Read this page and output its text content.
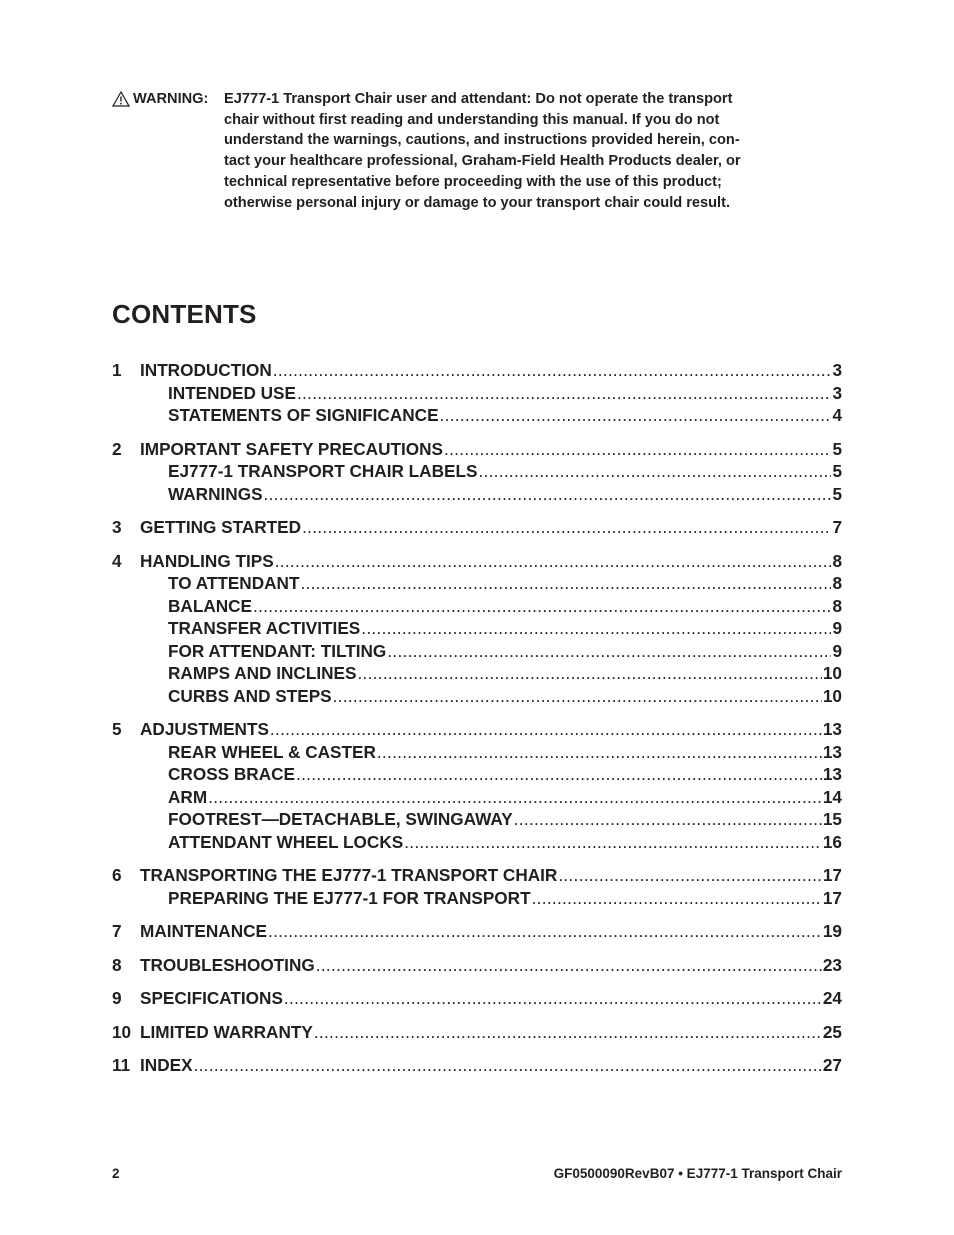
WARNING: EJ777-1 Transport Chair user and attendant: Do not operate the transport
chair without first reading and understanding this manual. If you do not
understand the warnings, cautions, and instructions provided herein, con-
tact your healthcare professional, Graham-Field Health Products dealer, or
technical representative before proceeding with the use of this product;
otherwise personal injury or damage to your transport chair could result.
CONTENTS
1	INTRODUCTION .....	3
INTENDED USE .....	3
STATEMENTS OF SIGNIFICANCE .....	4
2	IMPORTANT SAFETY PRECAUTIONS .....	5
EJ777-1 TRANSPORT CHAIR LABELS .....	5
WARNINGS .....	5
3	GETTING STARTED .....	7
4	HANDLING TIPS .....	8
TO ATTENDANT .....	8
BALANCE .....	8
TRANSFER ACTIVITIES .....	9
FOR ATTENDANT: TILTING .....	9
RAMPS AND INCLINES .....	10
CURBS AND STEPS .....	10
5	ADJUSTMENTS .....	13
REAR WHEEL & CASTER .....	13
CROSS BRACE .....	13
ARM .....	14
FOOTREST—DETACHABLE, SWINGAWAY .....	15
ATTENDANT WHEEL LOCKS .....	16
6	TRANSPORTING THE EJ777-1 TRANSPORT CHAIR .....	17
PREPARING THE EJ777-1 FOR TRANSPORT .....	17
7	MAINTENANCE .....	19
8	TROUBLESHOOTING .....	23
9	SPECIFICATIONS .....	24
10 LIMITED WARRANTY .....	25
11 INDEX .....	27
2	GF0500090RevB07 • EJ777-1 Transport Chair
